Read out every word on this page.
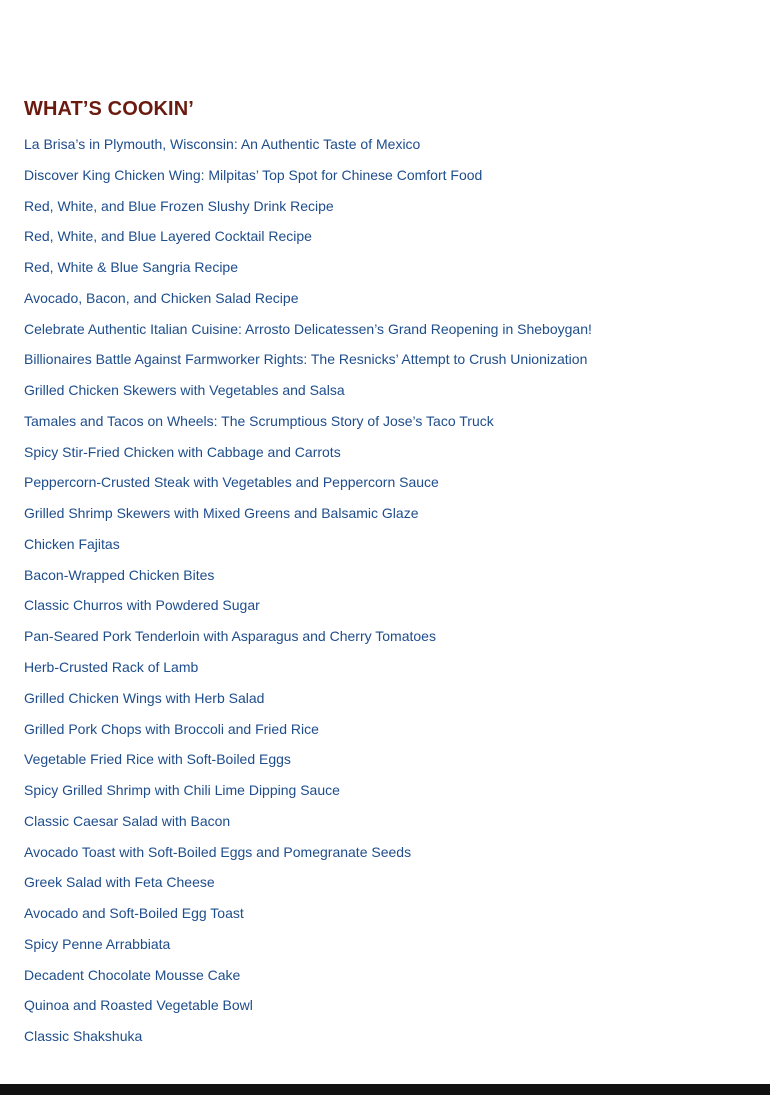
WHAT’S COOKIN’
La Brisa’s in Plymouth, Wisconsin: An Authentic Taste of Mexico
Discover King Chicken Wing: Milpitas’ Top Spot for Chinese Comfort Food
Red, White, and Blue Frozen Slushy Drink Recipe
Red, White, and Blue Layered Cocktail Recipe
Red, White & Blue Sangria Recipe
Avocado, Bacon, and Chicken Salad Recipe
Celebrate Authentic Italian Cuisine: Arrosto Delicatessen’s Grand Reopening in Sheboygan!
Billionaires Battle Against Farmworker Rights: The Resnicks’ Attempt to Crush Unionization
Grilled Chicken Skewers with Vegetables and Salsa
Tamales and Tacos on Wheels: The Scrumptious Story of Jose’s Taco Truck
Spicy Stir-Fried Chicken with Cabbage and Carrots
Peppercorn-Crusted Steak with Vegetables and Peppercorn Sauce
Grilled Shrimp Skewers with Mixed Greens and Balsamic Glaze
Chicken Fajitas
Bacon-Wrapped Chicken Bites
Classic Churros with Powdered Sugar
Pan-Seared Pork Tenderloin with Asparagus and Cherry Tomatoes
Herb-Crusted Rack of Lamb
Grilled Chicken Wings with Herb Salad
Grilled Pork Chops with Broccoli and Fried Rice
Vegetable Fried Rice with Soft-Boiled Eggs
Spicy Grilled Shrimp with Chili Lime Dipping Sauce
Classic Caesar Salad with Bacon
Avocado Toast with Soft-Boiled Eggs and Pomegranate Seeds
Greek Salad with Feta Cheese
Avocado and Soft-Boiled Egg Toast
Spicy Penne Arrabbiata
Decadent Chocolate Mousse Cake
Quinoa and Roasted Vegetable Bowl
Classic Shakshuka
